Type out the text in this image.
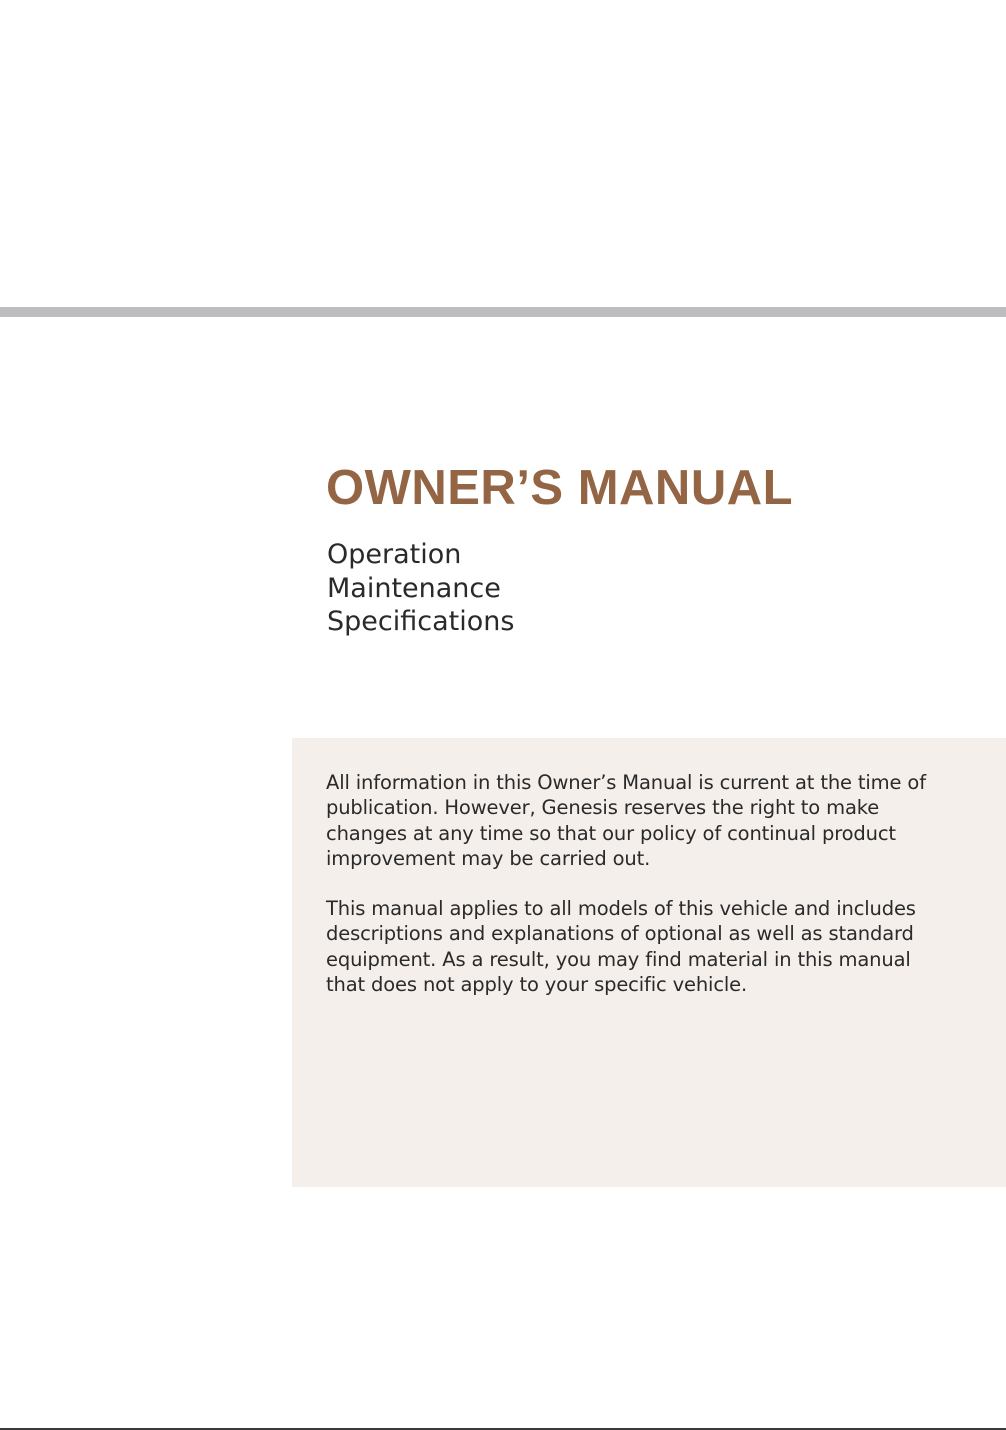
OWNER’S MANUAL
Operation
Maintenance
Specifications

All information in this Owner’s Manual is current at the time of publication. However, Genesis reserves the right to make changes at any time so that our policy of continual product improvement may be carried out.

This manual applies to all models of this vehicle and includes descriptions and explanations of optional as well as standard equipment. As a result, you may find material in this manual that does not apply to your specific vehicle.
